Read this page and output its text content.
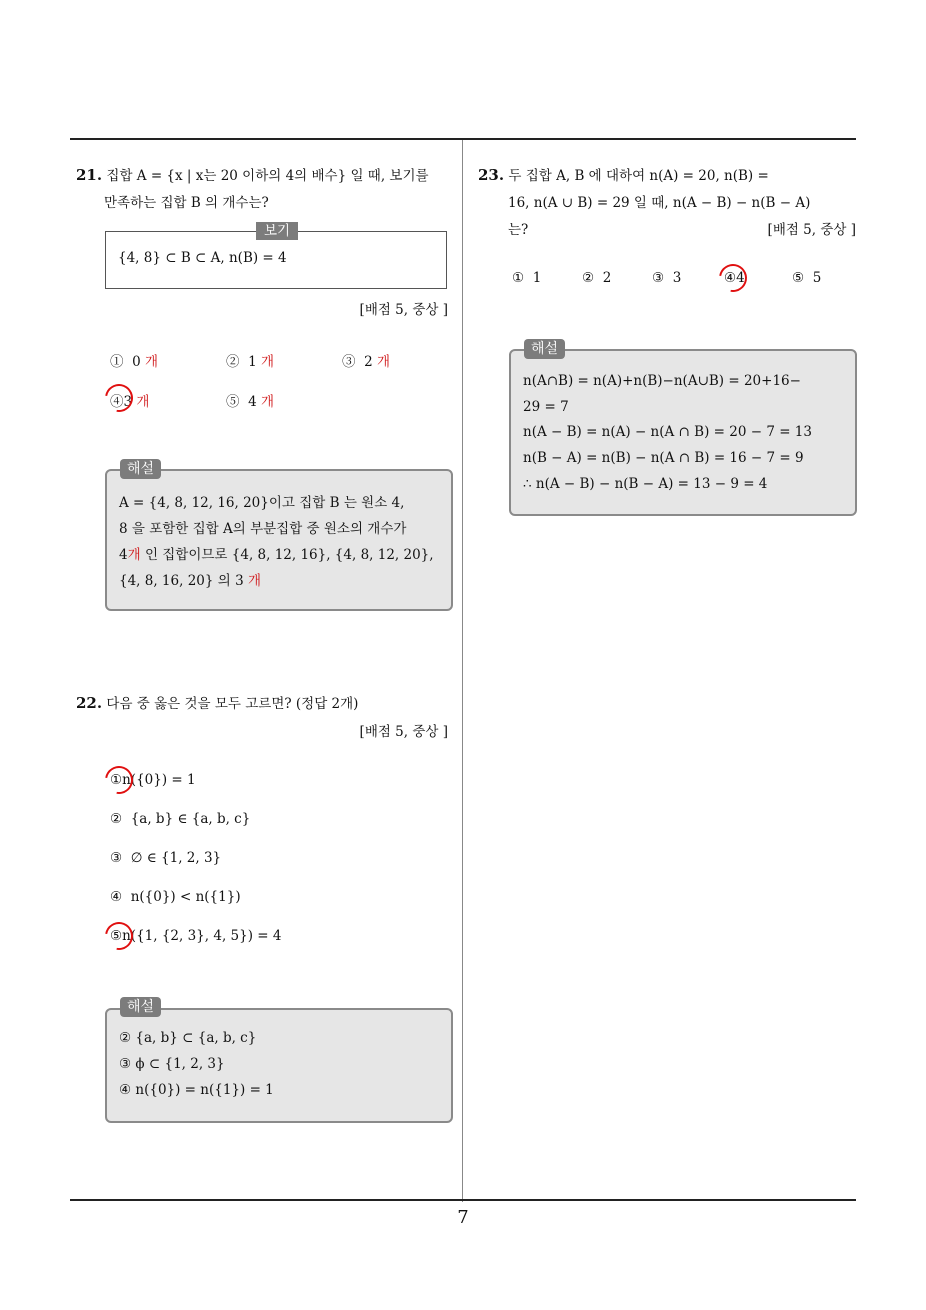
21. 집합 A = {x | x는 20 이하의 4의 배수} 일 때, 보기를
만족하는 집합 B 의 개수는?
{4, 8} ⊂ B ⊂ A, n(B) = 4
보기
[배점 5, 중상 ]
① 0 개	② 1 개	③ 2 개
④3 개	⑤ 4 개
A = {4, 8, 12, 16, 20}이고 집합 B 는 원소 4,
8 을 포함한 집합 A의 부분집합 중 원소의 개수가
4개 인 집합이므로 {4, 8, 12, 16}, {4, 8, 12, 20},
{4, 8, 16, 20} 의 3 개
해설
22. 다음 중 옳은 것을 모두 고르면? (정답 2개)
[배점 5, 중상 ]
①n({0}) = 1
② {a, b} ∈ {a, b, c}
③ ∅ ∈ {1, 2, 3}
④ n({0}) < n({1})
⑤n({1, {2, 3}, 4, 5}) = 4
② {a, b} ⊂ {a, b, c}
③ ϕ ⊂ {1, 2, 3}
④ n({0}) = n({1}) = 1
해설
23. 두 집합 A, B 에 대하여 n(A) = 20, n(B) =
16, n(A ∪ B) = 29 일 때, n(A − B) − n(B − A)
는?	[배점 5, 중상 ]
① 1	② 2	③ 3	④4	⑤ 5
n(A∩B) = n(A)+n(B)−n(A∪B) = 20+16−
29 = 7
n(A − B) = n(A) − n(A ∩ B) = 20 − 7 = 13
n(B − A) = n(B) − n(A ∩ B) = 16 − 7 = 9
∴ n(A − B) − n(B − A) = 13 − 9 = 4
해설
7
